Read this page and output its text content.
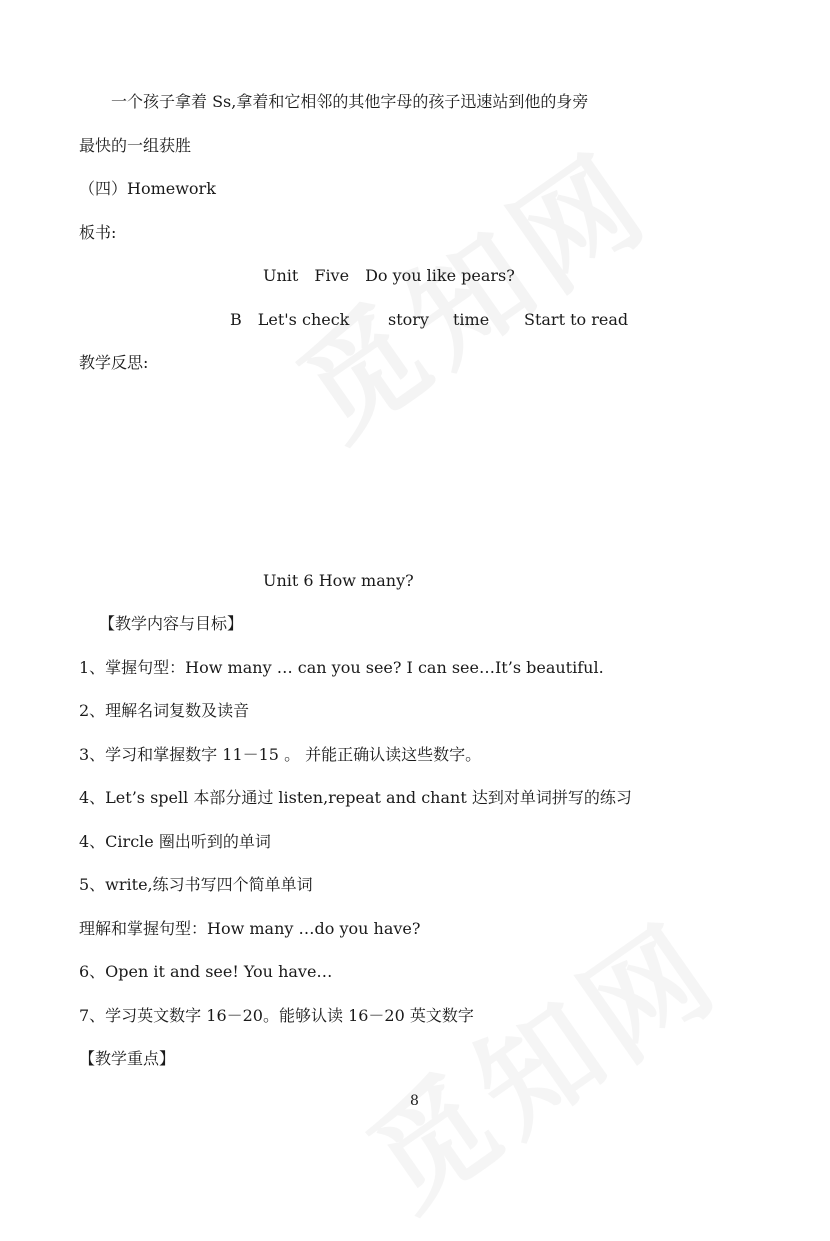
一个孩子拿着 Ss,拿着和它相邻的其他字母的孩子迅速站到他的身旁
最快的一组获胜
（四）Homework
板书:
Unit　Five　Do you like pears?
B　Let's check story time Start to read
教学反思:
Unit 6 How many?
【教学内容与目标】
1、掌握句型：How many … can you see? I can see…It’s beautiful.
2、理解名词复数及读音
3、学习和掌握数字 11－15 。 并能正确认读这些数字。
4、Let’s spell 本部分通过 listen,repeat and chant 达到对单词拼写的练习
4、Circle 圈出听到的单词
5、write,练习书写四个简单单词
理解和掌握句型：How many …do you have?
6、Open it and see! You have…
7、学习英文数字 16－20。能够认读 16－20 英文数字
【教学重点】
8
